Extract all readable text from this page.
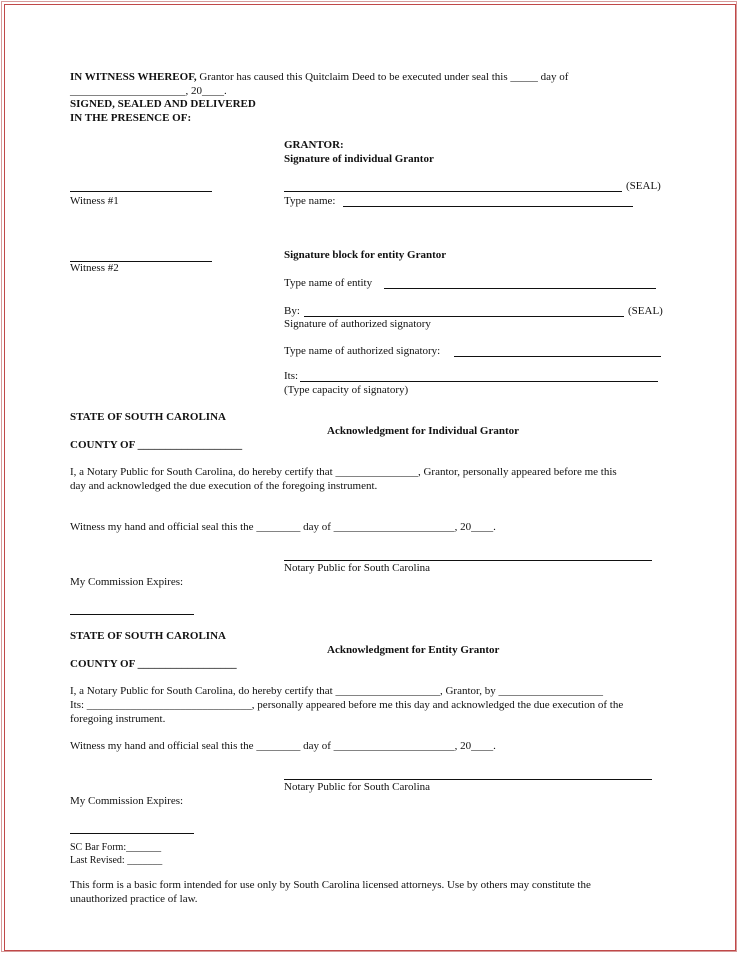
IN WITNESS WHEREOF, Grantor has caused this Quitclaim Deed to be executed under seal this _____ day of
_____________________, 20____.
SIGNED, SEALED AND DELIVERED
IN THE PRESENCE OF:
GRANTOR:
Signature of individual Grantor
Witness #1
(SEAL)
Type name:
Witness #2
Signature block for entity Grantor
Type name of entity
By:	(SEAL)
Signature of authorized signatory
Type name of authorized signatory:
Its:
(Type capacity of signatory)
STATE OF SOUTH CAROLINA
Acknowledgment for Individual Grantor
COUNTY OF ___________________
I, a Notary Public for South Carolina, do hereby certify that _______________, Grantor, personally appeared before me this
day and acknowledged the due execution of the foregoing instrument.
Witness my hand and official seal this the ________ day of ______________________, 20____.
Notary Public for South Carolina
My Commission Expires:
STATE OF SOUTH CAROLINA
Acknowledgment for Entity Grantor
COUNTY OF __________________
I, a Notary Public for South Carolina, do hereby certify that ___________________, Grantor, by ___________________
Its: ______________________________, personally appeared before me this day and acknowledged the due execution of the
foregoing instrument.
Witness my hand and official seal this the ________ day of ______________________, 20____.
Notary Public for South Carolina
My Commission Expires:
SC Bar Form:_______
Last Revised: _______
This form is a basic form intended for use only by South Carolina licensed attorneys. Use by others may constitute the
unauthorized practice of law.
